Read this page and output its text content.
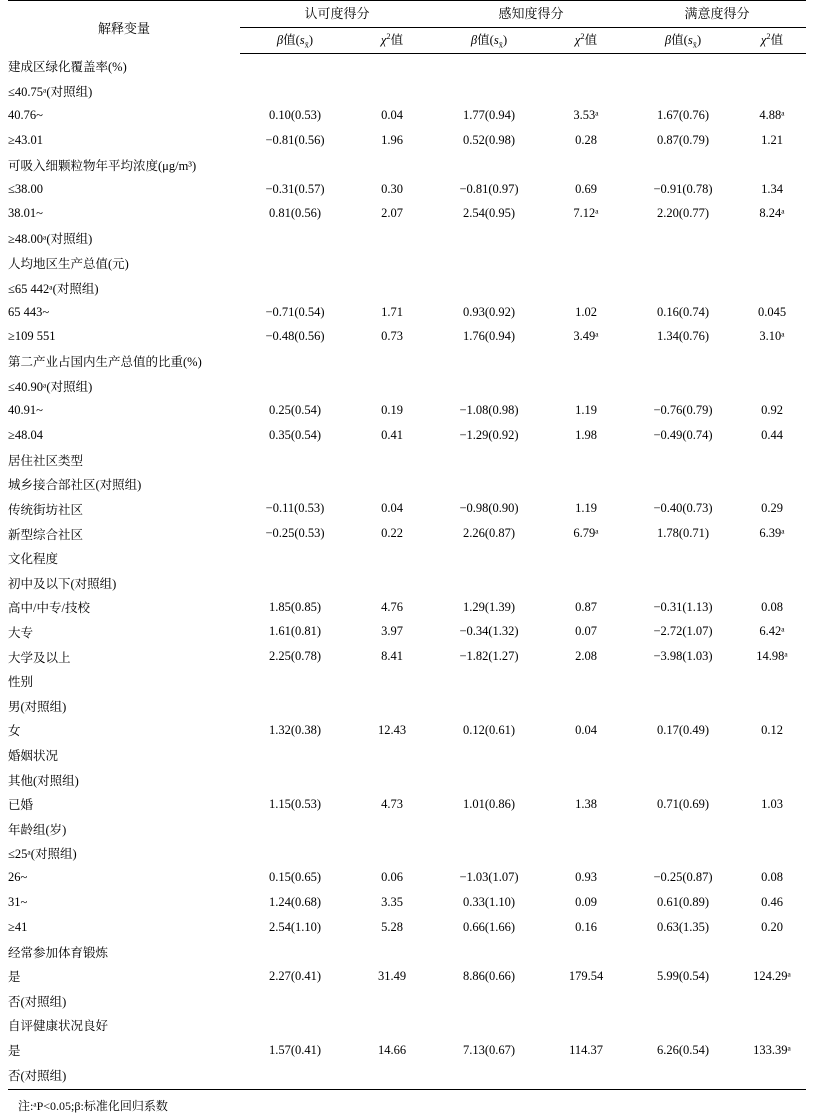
解释变量	认可度得分		感知度得分		满意度得分	
	β值$(s_{x̄})$	$\chi^2$值	β值$(s_{x̄})$	$\chi^2$值	β值$(s_{x̄})$	$\chi^2$值
建成区绿化覆盖率(%)						
≤40.75ᵃ(对照组)						
40.76~	0.10(0.53)	0.04	1.77(0.94)	3.53ᵃ	1.67(0.76)	4.88ᵃ
≥43.01	−0.81(0.56)	1.96	0.52(0.98)	0.28	0.87(0.79)	1.21
可吸入细颗粒物年平均浓度(μg/m³)						
≤38.00	−0.31(0.57)	0.30	−0.81(0.97)	0.69	−0.91(0.78)	1.34
38.01~	0.81(0.56)	2.07	2.54(0.95)	7.12ᵃ	2.20(0.77)	8.24ᵃ
≥48.00ᵃ(对照组)						
人均地区生产总值(元)						
≤65 442ᵃ(对照组)						
65 443~	−0.71(0.54)	1.71	0.93(0.92)	1.02	0.16(0.74)	0.045
≥109 551	−0.48(0.56)	0.73	1.76(0.94)	3.49ᵃ	1.34(0.76)	3.10ᵃ
第二产业占国内生产总值的比重(%)						
≤40.90ᵃ(对照组)						
40.91~	0.25(0.54)	0.19	−1.08(0.98)	1.19	−0.76(0.79)	0.92
≥48.04	0.35(0.54)	0.41	−1.29(0.92)	1.98	−0.49(0.74)	0.44
居住社区类型						
城乡接合部社区(对照组)						
传统街坊社区	−0.11(0.53)	0.04	−0.98(0.90)	1.19	−0.40(0.73)	0.29
新型综合社区	−0.25(0.53)	0.22	2.26(0.87)	6.79ᵃ	1.78(0.71)	6.39ᵃ
文化程度						
初中及以下(对照组)						
高中/中专/技校	1.85(0.85)	4.76	1.29(1.39)	0.87	−0.31(1.13)	0.08
大专	1.61(0.81)	3.97	−0.34(1.32)	0.07	−2.72(1.07)	6.42ᵃ
大学及以上	2.25(0.78)	8.41	−1.82(1.27)	2.08	−3.98(1.03)	14.98ᵃ
性别						
男(对照组)						
女	1.32(0.38)	12.43	0.12(0.61)	0.04	0.17(0.49)	0.12
婚姻状况						
其他(对照组)						
已婚	1.15(0.53)	4.73	1.01(0.86)	1.38	0.71(0.69)	1.03
年龄组(岁)						
≤25ᵃ(对照组)						
26~	0.15(0.65)	0.06	−1.03(1.07)	0.93	−0.25(0.87)	0.08
31~	1.24(0.68)	3.35	0.33(1.10)	0.09	0.61(0.89)	0.46
≥41	2.54(1.10)	5.28	0.66(1.66)	0.16	0.63(1.35)	0.20
经常参加体育锻炼						
是	2.27(0.41)	31.49	8.86(0.66)	179.54	5.99(0.54)	124.29ᵃ
否(对照组)						
自评健康状况良好						
是	1.57(0.41)	14.66	7.13(0.67)	114.37	6.26(0.54)	133.39ᵃ
否(对照组)						

注:ᵃP<0.05;β:标准化回归系数
